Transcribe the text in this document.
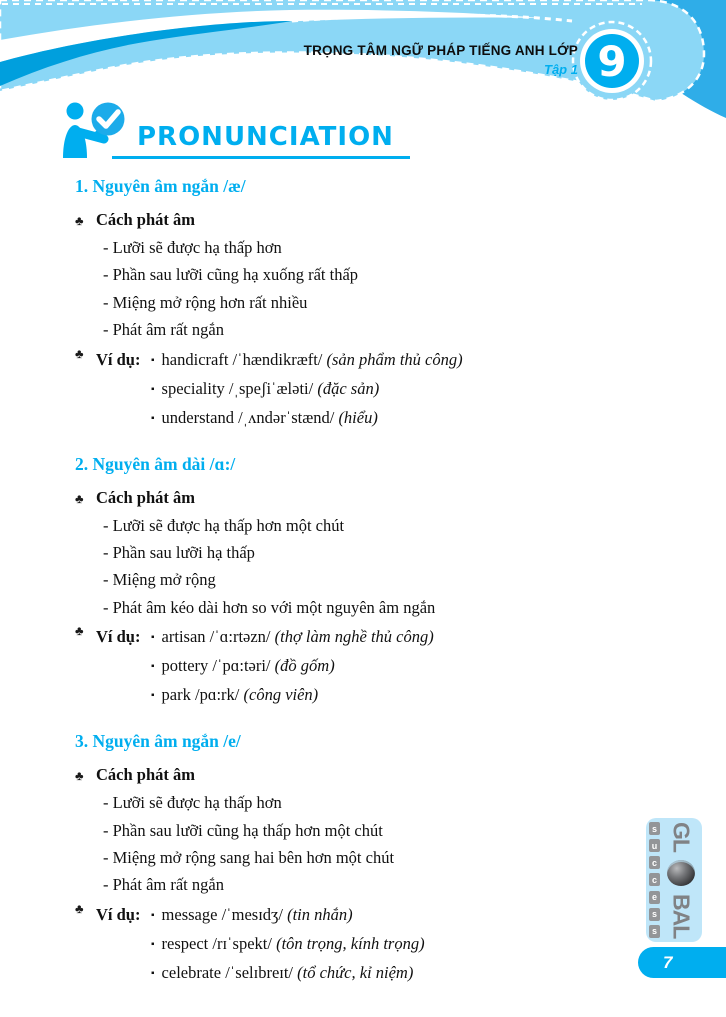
9
TRỌNG TÂM NGỮ PHÁP TIẾNG ANH LỚP
Tập 1
PRONUNCIATION
1. Nguyên âm ngắn /æ/
♣ Cách phát âm
- Lưỡi sẽ được hạ thấp hơn
- Phần sau lưỡi cũng hạ xuống rất thấp
- Miệng mở rộng hơn rất nhiều
- Phát âm rất ngắn
♣ Ví dụ:	▪ handicraft /ˈhændikræft/ (sản phẩm thủ công)
▪ speciality /ˌspeʃiˈæləti/ (đặc sản)
▪ understand /ˌʌndərˈstænd/ (hiểu)
2. Nguyên âm dài /ɑ:/
♣ Cách phát âm
- Lưỡi sẽ được hạ thấp hơn một chút
- Phần sau lưỡi hạ thấp
- Miệng mở rộng
- Phát âm kéo dài hơn so với một nguyên âm ngắn
♣ Ví dụ:	▪ artisan /ˈɑ:rtəzn/ (thợ làm nghề thủ công)
▪ pottery /ˈpɑ:təri/ (đồ gốm)
▪ park /pɑ:rk/ (công viên)
3. Nguyên âm ngắn /e/
♣ Cách phát âm
- Lưỡi sẽ được hạ thấp hơn
- Phần sau lưỡi cũng hạ thấp hơn một chút
- Miệng mở rộng sang hai bên hơn một chút
- Phát âm rất ngắn
♣ Ví dụ:	▪ message /ˈmesɪdʒ/ (tin nhắn)
▪ respect /rɪˈspekt/ (tôn trọng, kính trọng)
▪ celebrate /ˈselɪbreɪt/ (tổ chức, kỉ niệm)
s
u
c
c
e
s
s
GL
BAL
7
